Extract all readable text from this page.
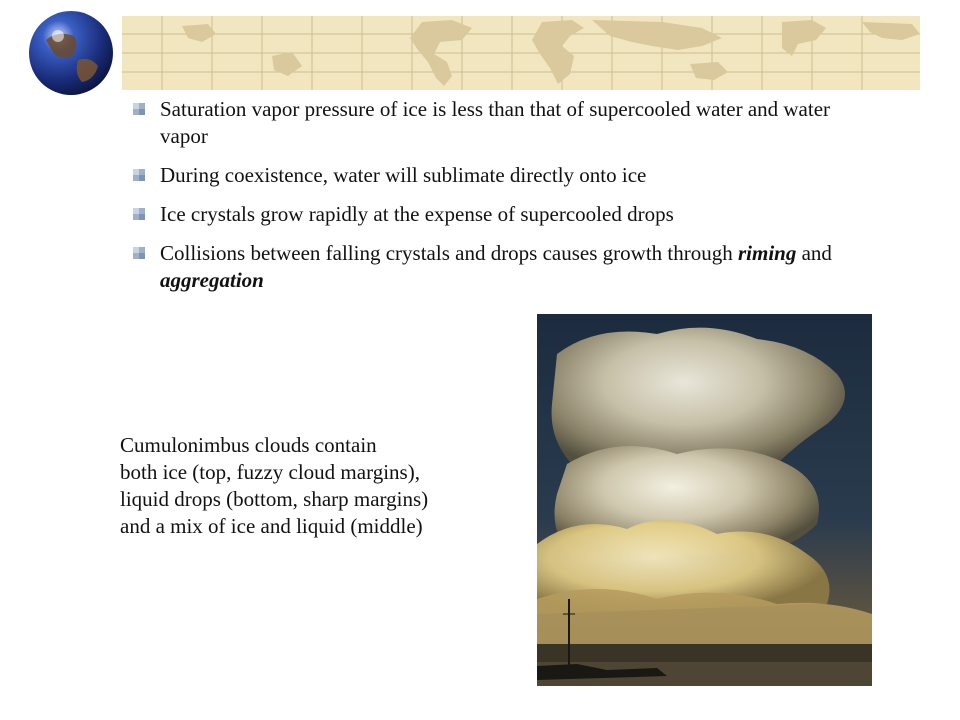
Saturation vapor pressure of ice is less than that of supercooled water and water vapor
During coexistence, water will sublimate directly onto ice
Ice crystals grow rapidly at the expense of supercooled drops
Collisions between falling crystals and drops causes growth through riming and aggregation
Cumulonimbus clouds contain
both ice (top, fuzzy cloud margins),
liquid drops (bottom, sharp margins)
and a mix of ice and liquid (middle)
